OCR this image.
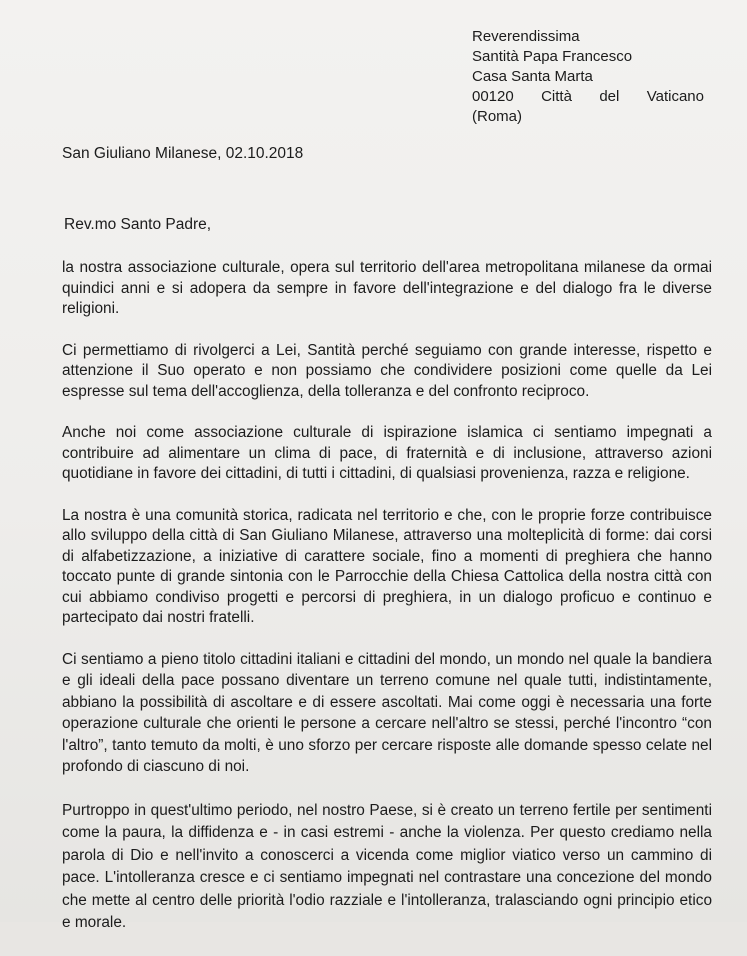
Reverendissima
Santità Papa Francesco
Casa Santa Marta
00120 Città del Vaticano
(Roma)
San Giuliano Milanese, 02.10.2018
Rev.mo Santo Padre,

la nostra associazione culturale, opera sul territorio dell'area metropolitana milanese da ormai quindici anni e si adopera da sempre in favore dell'integrazione e del dialogo fra le diverse religioni.

Ci permettiamo di rivolgerci a Lei, Santità perché seguiamo con grande interesse, rispetto e attenzione il Suo operato e non possiamo che condividere posizioni come quelle da Lei espresse sul tema dell'accoglienza, della tolleranza e del confronto reciproco.

Anche noi come associazione culturale di ispirazione islamica ci sentiamo impegnati a contribuire ad alimentare un clima di pace, di fraternità e di inclusione, attraverso azioni quotidiane in favore dei cittadini, di tutti i cittadini, di qualsiasi provenienza, razza e religione.

La nostra è una comunità storica, radicata nel territorio e che, con le proprie forze contribuisce allo sviluppo della città di San Giuliano Milanese, attraverso una molteplicità di forme: dai corsi di alfabetizzazione, a iniziative di carattere sociale, fino a momenti di preghiera che hanno toccato punte di grande sintonia con le Parrocchie della Chiesa Cattolica della nostra città con cui abbiamo condiviso progetti e percorsi di preghiera, in un dialogo proficuo e continuo e partecipato dai nostri fratelli.

Ci sentiamo a pieno titolo cittadini italiani e cittadini del mondo, un mondo nel quale la bandiera e gli ideali della pace possano diventare un terreno comune nel quale tutti, indistintamente, abbiano la possibilità di ascoltare e di essere ascoltati. Mai come oggi è necessaria una forte operazione culturale che orienti le persone a cercare nell'altro se stessi, perché l'incontro “con l'altro”, tanto temuto da molti, è uno sforzo per cercare risposte alle domande spesso celate nel profondo di ciascuno di noi.

Purtroppo in quest'ultimo periodo, nel nostro Paese, si è creato un terreno fertile per sentimenti come la paura, la diffidenza e - in casi estremi - anche la violenza. Per questo crediamo nella parola di Dio e nell'invito a conoscerci a vicenda come miglior viatico verso un cammino di pace. L'intolleranza cresce e ci sentiamo impegnati nel contrastare una concezione del mondo che mette al centro delle priorità l'odio razziale e l'intolleranza, tralasciando ogni principio etico e morale.
